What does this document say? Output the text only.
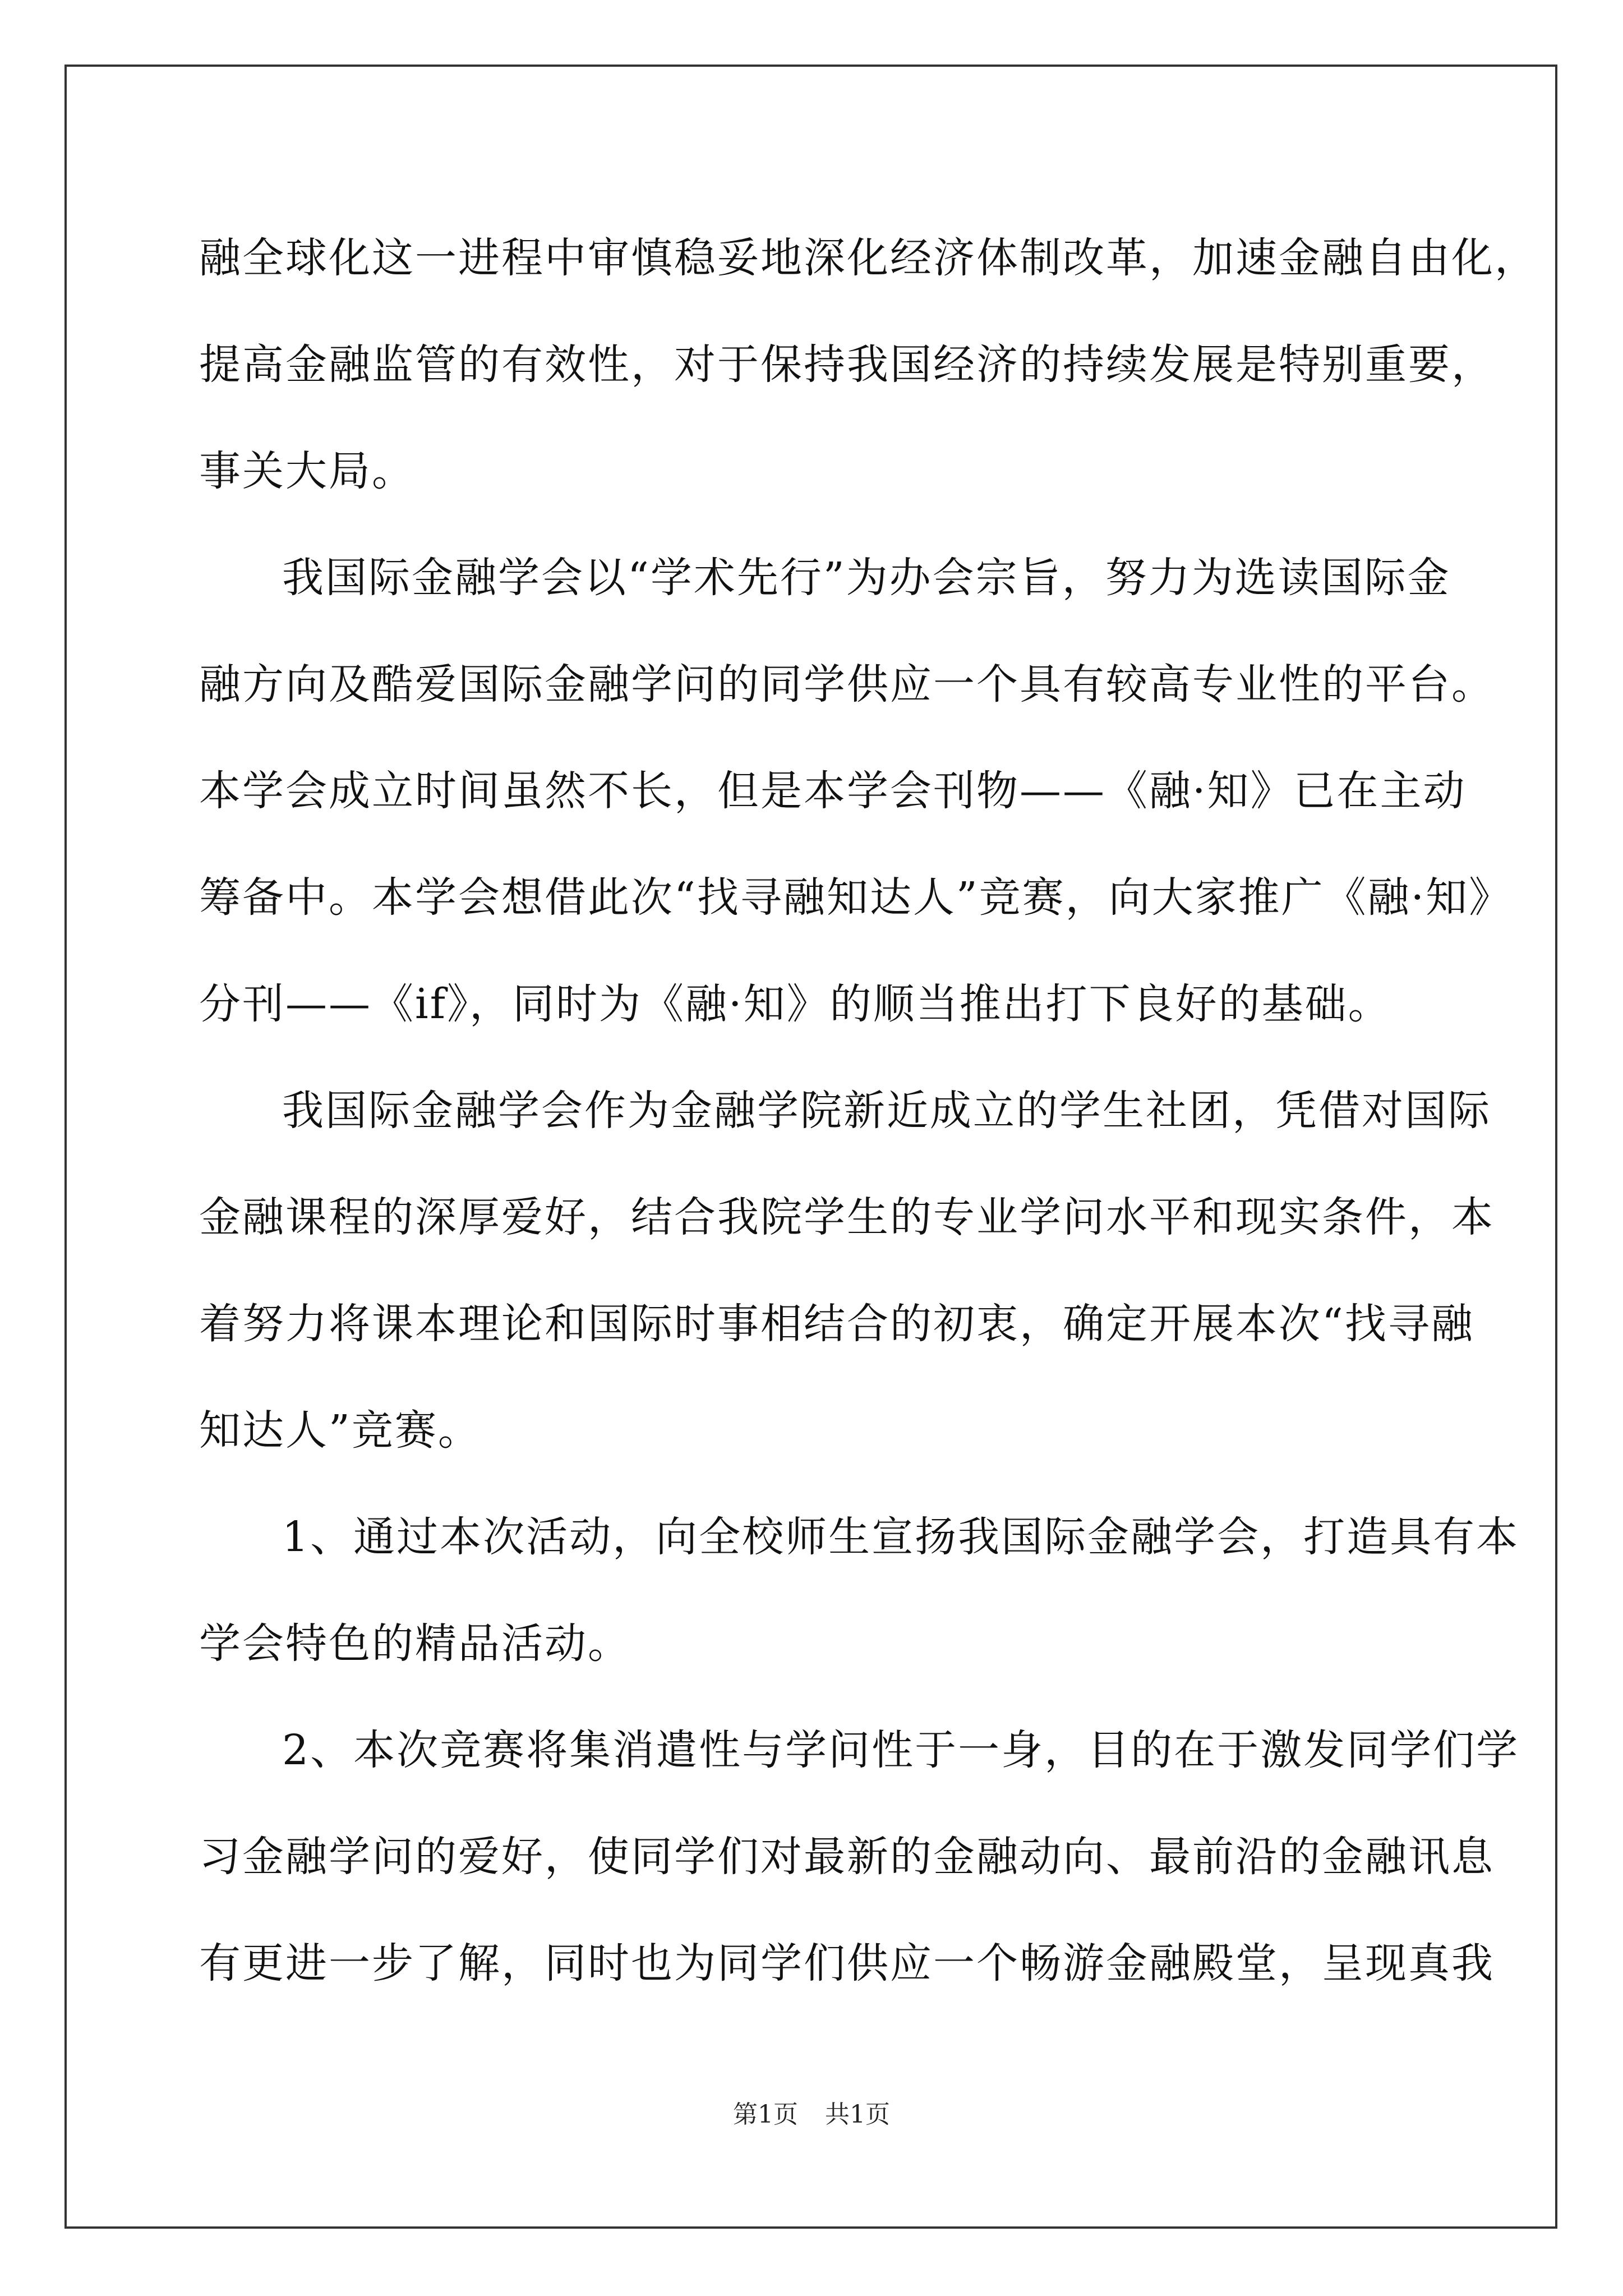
融全球化这一进程中审慎稳妥地深化经济体制改革，加速金融自由化，
提高金融监管的有效性，对于保持我国经济的持续发展是特别重要，
事关大局。
我国际金融学会以“学术先行”为办会宗旨，努力为选读国际金
融方向及酷爱国际金融学问的同学供应一个具有较高专业性的平台。
本学会成立时间虽然不长，但是本学会刊物——《融·知》已在主动
筹备中。本学会想借此次“找寻融知达人”竞赛，向大家推广《融·知》
分刊——《if》，同时为《融·知》的顺当推出打下良好的基础。
我国际金融学会作为金融学院新近成立的学生社团，凭借对国际
金融课程的深厚爱好，结合我院学生的专业学问水平和现实条件，本
着努力将课本理论和国际时事相结合的初衷，确定开展本次“找寻融
知达人”竞赛。
1、通过本次活动，向全校师生宣扬我国际金融学会，打造具有本
学会特色的精品活动。
2、本次竞赛将集消遣性与学问性于一身，目的在于激发同学们学
习金融学问的爱好，使同学们对最新的金融动向、最前沿的金融讯息
有更进一步了解，同时也为同学们供应一个畅游金融殿堂，呈现真我
第1页 共1页
